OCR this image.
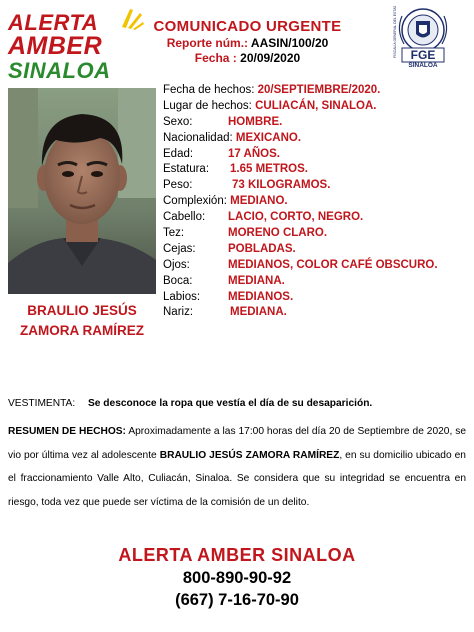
ALERTA
AMBER
SINALOA
COMUNICADO URGENTE
Reporte núm.: AASIN/100/20
Fecha : 20/09/2020	FGE
SINALOA
FISCALÍA GENERAL DEL ESTADO
BRAULIO JESÚS
ZAMORA RAMÍREZ
Fecha de hechos: 20/SEPTIEMBRE/2020.
Lugar de hechos: CULIACÁN, SINALOA.
Sexo:	HOMBRE.
Nacionalidad: MEXICANO.
Edad:	17 AÑOS.
Estatura: 1.65 METROS.
Peso:	73 KILOGRAMOS.
Complexión: MEDIANO.
Cabello: LACIO, CORTO, NEGRO.
Tez:	MORENO CLARO.
Cejas:	POBLADAS.
Ojos:	MEDIANOS, COLOR CAFÉ OBSCURO.
Boca:	MEDIANA.
Labios: MEDIANOS.
Nariz:	MEDIANA.
VESTIMENTA: Se desconoce la ropa que vestía el día de su desaparición.
RESUMEN DE HECHOS: Aproximadamente a las 17:00 horas del día 20 de Septiembre de 2020, se vio por última vez al adolescente BRAULIO JESÚS ZAMORA RAMÍREZ, en su domicilio ubicado en el fraccionamiento Valle Alto, Culiacán, Sinaloa. Se considera que su integridad se encuentra en riesgo, toda vez que puede ser víctima de la comisión de un delito.
ALERTA AMBER SINALOA
800-890-90-92
(667) 7-16-70-90
